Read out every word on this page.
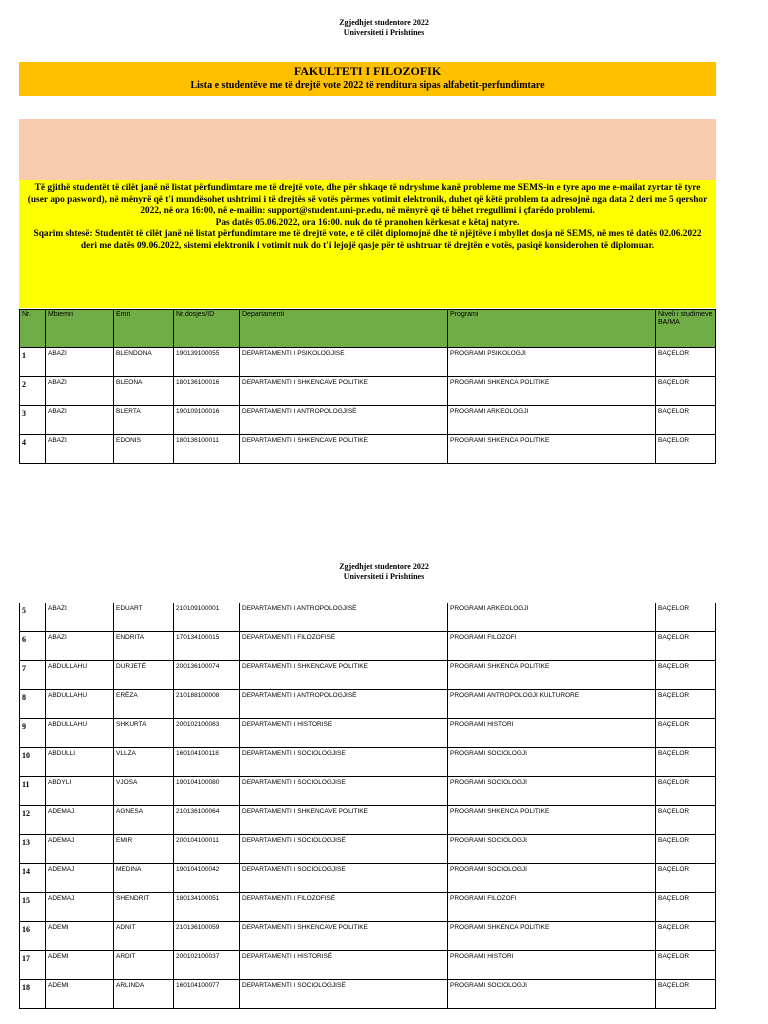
Zgjedhjet studentore 2022
Universiteti i Prishtines
FAKULTETI I FILOZOFIK
Lista e studentëve me të drejtë vote 2022 të renditura sipas alfabetit-perfundimtare

Të gjithë studentët të cilët janë në listat përfundimtare me të drejtë vote, dhe për shkaqe të ndryshme kanë probleme me SEMS-in e tyre apo me e-mailat zyrtar të tyre (user apo pasword), në mënyrë që t'i mundësohet ushtrimi i të drejtës së votës përmes votimit elektronik, duhet që këtë problem ta adresojnë nga data 2 deri me 5 qershor 2022, në ora 16:00, në e-mailin: support@student.uni-pr.edu, në mënyrë që të bëhet rregullimi i çfarëdo problemi.

Pas datës 05.06.2022, ora 16:00. nuk do të pranohen kërkesat e këtaj natyre.

Sqarim shtesë: Studentët të cilët janë në listat përfundimtare me të drejtë vote, e të cilët diplomojnë dhe të njëjtëve i mbyllet dosja në SEMS, në mes të datës 02.06.2022 deri me datës 09.06.2022, sistemi elektronik i votimit nuk do t'i lejojë qasje për të ushtruar të drejtën e votës, pasiqë konsiderohen të diplomuar.

Nr.	Mbiemri	Emri	Nr.dosjes/ID	Departamenti	Programi	Niveli i studimeve BA/MA
1	ABAZI	BLENDONA	190139100055	DEPARTAMENTI I PSIKOLOGJISE	PROGRAMI PSIKOLOGJI	BAÇELOR
2	ABAZI	BLEONA	180136100016	DEPARTAMENTI I SHKENCAVE POLITIKE	PROGRAMI SHKENCA POLITIKE	BAÇELOR
3	ABAZI	BLERTA	190109100016	DEPARTAMENTI I ANTROPOLOGJISË	PROGRAMI ARKEOLOGJI	BAÇELOR
4	ABAZI	EDONIS	180136100011	DEPARTAMENTI I SHKENCAVE POLITIKE	PROGRAMI SHKENCA POLITIKE	BAÇELOR
Zgjedhjet studentore 2022
Universiteti i Prishtines
5	ABAZI	EDUART	210109100001	DEPARTAMENTI I ANTROPOLOGJISË	PROGRAMI ARKEOLOGJI	BAÇELOR
6	ABAZI	ENDRITA	170134100015	DEPARTAMENTI I FILOZOFISË	PROGRAMI FILOZOFI	BAÇELOR
7	ABDULLAHU	DURJETË	200136100074	DEPARTAMENTI I SHKENCAVE POLITIKE	PROGRAMI SHKENCA POLITIKE	BAÇELOR
8	ABDULLAHU	ERËZA	210188100008	DEPARTAMENTI I ANTROPOLOGJISË	PROGRAMI ANTROPOLOGJI KULTURORE	BAÇELOR
9	ABDULLAHU	SHKURTA	200102100083	DEPARTAMENTI I HISTORISE	PROGRAMI HISTORI	BAÇELOR
10	ABDULLI	VLLZA	160104100118	DEPARTAMENTI I SOCIOLOGJISE	PROGRAMI SOCIOLOGJI	BAÇELOR
11	ABDYLI	VJOSA	190104100080	DEPARTAMENTI I SOCIOLOGJISE	PROGRAMI SOCIOLOGJI	BAÇELOR
12	ADEMAJ	AGNESA	210136100064	DEPARTAMENTI I SHKENCAVE POLITIKE	PROGRAMI SHKENCA POLITIKE	BAÇELOR
13	ADEMAJ	EMIR	200104100011	DEPARTAMENTI I SOCIOLOGJISË	PROGRAMI SOCIOLOGJI	BAÇELOR
14	ADEMAJ	MEDINA	190104100042	DEPARTAMENTI I SOCIOLOGJISE	PROGRAMI SOCIOLOGJI	BAÇELOR
15	ADEMAJ	SHENDRIT	180134100051	DEPARTAMENTI I FILOZOFISË	PROGRAMI FILOZOFI	BAÇELOR
16	ADEMI	ADNIT	210136100059	DEPARTAMENTI I SHKENCAVE POLITIKE	PROGRAMI SHKENCA POLITIKE	BAÇELOR
17	ADEMI	ARDIT	200102100037	DEPARTAMENTI I HISTORISË	PROGRAMI HISTORI	BAÇELOR
18	ADEMI	ARLINDA	160104100077	DEPARTAMENTI I SOCIOLOGJISË	PROGRAMI SOCIOLOGJI	BAÇELOR
